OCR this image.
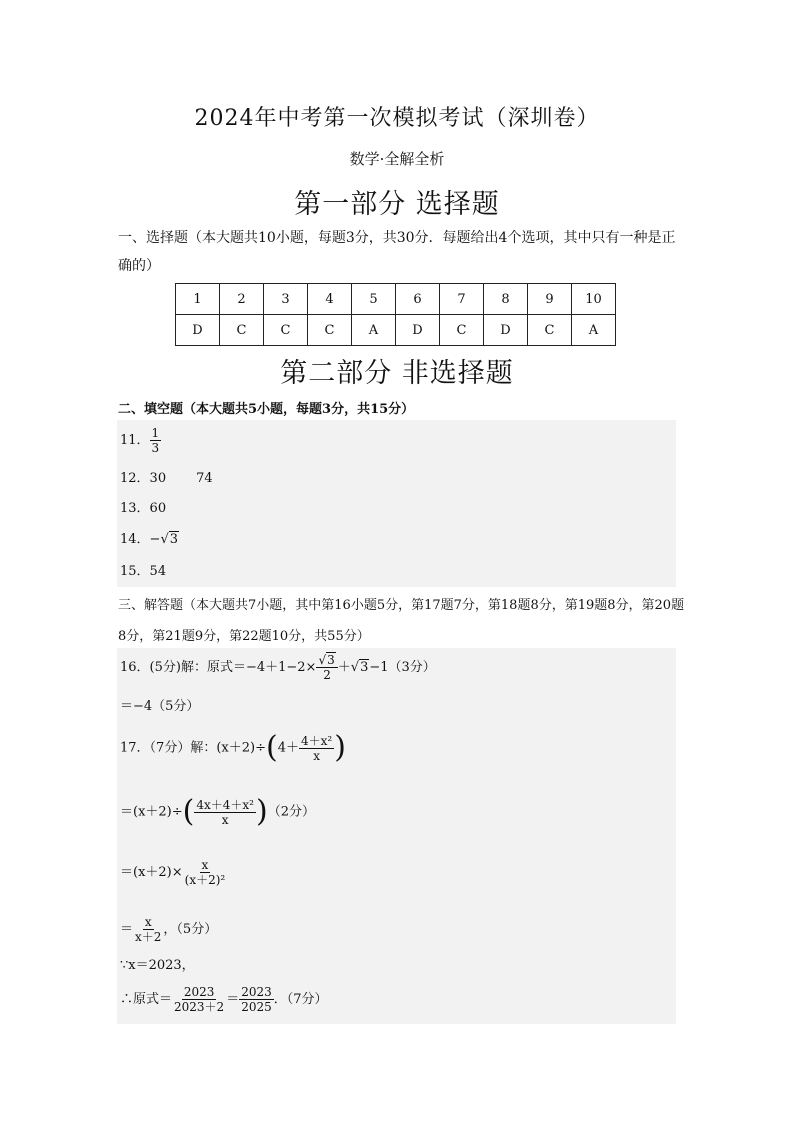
2024年中考第一次模拟考试（深圳卷）
数学·全解全析
第一部分 选择题
一、选择题（本大题共10小题，每题3分，共30分．每题给出4个选项，其中只有一种是正确的）
1	2	3	4	5	6	7	8	9	10
D	C	C	C	A	D	C	D	C	A
第二部分 非选择题
二、填空题（本大题共5小题，每题3分，共15分）
11． $\frac{1}{3}$
12．30 74
13．60
14．−√3
15．54
三、解答题（本大题共7小题，其中第16小题5分，第17题7分，第18题8分，第19题8分，第20题8分，第21题9分，第22题10分，共55分）
16．(5分)解：原式$=-4+1-2\times \frac{√3}{2} +√3-1(3$分）
＝−4（5分）
17．（7分）解：$(x+2)\div(4+ \frac{\text{4＋x²}}{x}$ )
$=(x+2)\div( \frac{\text{4x＋4＋x²}}{x} )(2$分）
$=(x+2)\times \frac{x}{\text{(x＋2)²}}$
＝ $\frac{x}{x+2}$ ，（5分）
∵x＝2023，
∴原式＝ $\frac{2023}{2023+2} = \frac{2023}{2025}$ ．（7分）
